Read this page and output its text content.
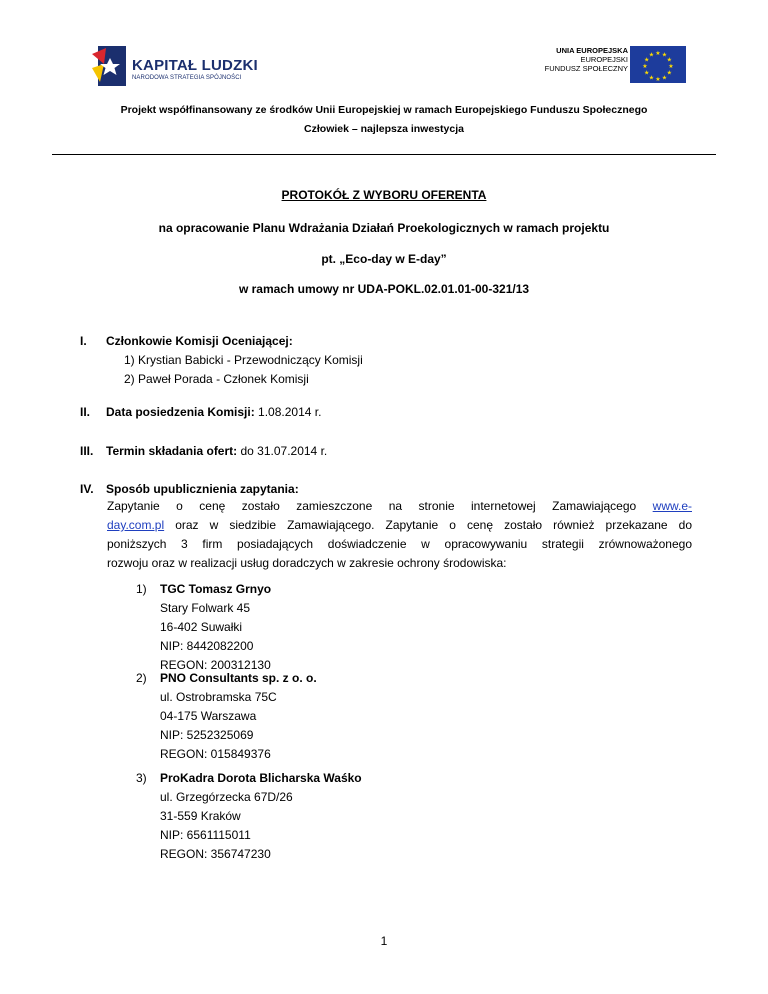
KAPITAŁ LUDZKI
NARODOWA STRATEGIA SPÓJNOŚCI
UNIA EUROPEJSKA
EUROPEJSKI
FUNDUSZ SPOŁECZNY
★ ★
★
★
★
★
★
★
★
★
★
★
Projekt współfinansowany ze środków Unii Europejskiej w ramach Europejskiego Funduszu Społecznego
Człowiek – najlepsza inwestycja
PROTOKÓŁ Z WYBORU OFERENTA
na opracowanie Planu Wdrażania Działań Proekologicznych w ramach projektu
pt. „Eco-day w E-day”
w ramach umowy nr UDA-POKL.02.01.01-00-321/13
I. Członkowie Komisji Oceniającej:
1) Krystian Babicki - Przewodniczący Komisji
2) Paweł Porada - Członek Komisji
II. Data posiedzenia Komisji: 1.08.2014 r.
III. Termin składania ofert: do 31.07.2014 r.
IV. Sposób upublicznienia zapytania:
Zapytanie o cenę zostało zamieszczone na stronie internetowej Zamawiającego www.e-
day.com.pl oraz w siedzibie Zamawiającego. Zapytanie o cenę zostało również przekazane do
poniższych 3 firm posiadających doświadczenie w opracowywaniu strategii zrównoważonego
rozwoju oraz w realizacji usług doradczych w zakresie ochrony środowiska:
1) TGC Tomasz Grnyo
Stary Folwark 45
16-402 Suwałki
NIP: 8442082200
REGON: 200312130
2) PNO Consultants sp. z o. o.
ul. Ostrobramska 75C
04-175 Warszawa
NIP: 5252325069
REGON: 015849376
3) ProKadra Dorota Blicharska Waśko
ul. Grzegórzecka 67D/26
31-559 Kraków
NIP: 6561115011
REGON: 356747230
1
